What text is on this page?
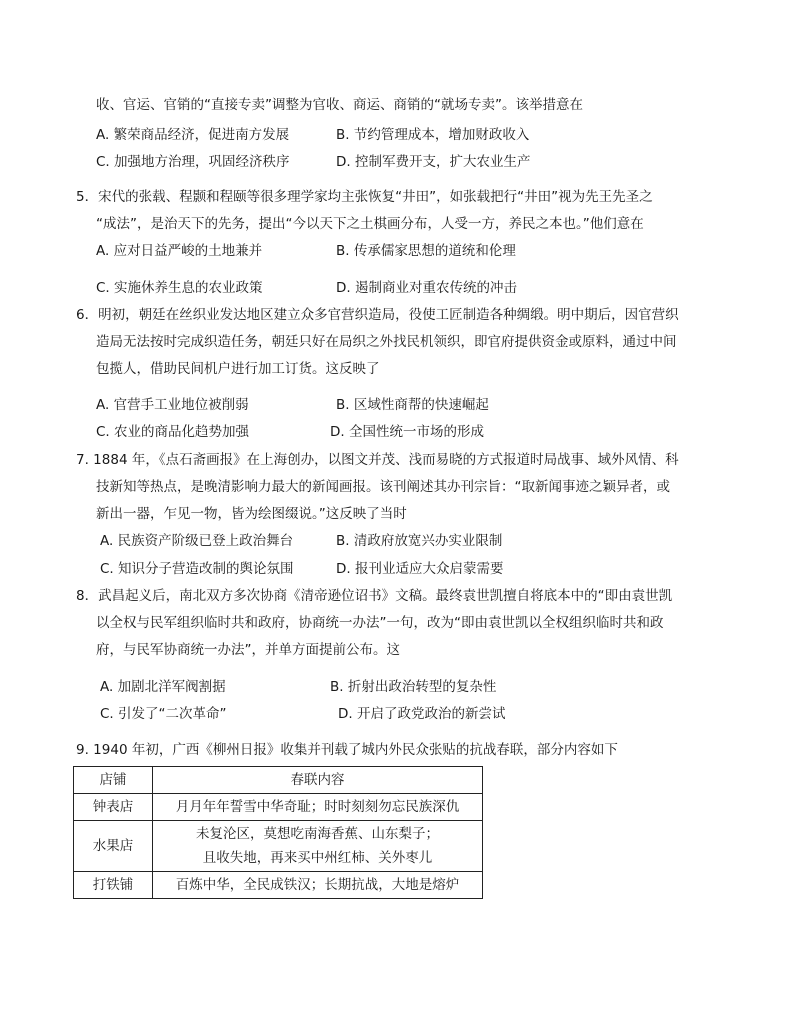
收、官运、官销的“直接专卖”调整为官收、商运、商销的“就场专卖”。该举措意在
A. 繁荣商品经济，促进南方发展	B. 节约管理成本，增加财政收入
C. 加强地方治理，巩固经济秩序	D. 控制军费开支，扩大农业生产
5．宋代的张载、程颢和程颐等很多理学家均主张恢复“井田”，如张载把行“井田”视为先王先圣之
“成法”，是治天下的先务，提出“今以天下之土棋画分布，人受一方，养民之本也。”他们意在
A. 应对日益严峻的土地兼并	B. 传承儒家思想的道统和伦理
C. 实施休养生息的农业政策	D. 遏制商业对重农传统的冲击
6．明初，朝廷在丝织业发达地区建立众多官营织造局，役使工匠制造各种绸缎。明中期后，因官营织
造局无法按时完成织造任务，朝廷只好在局织之外找民机领织，即官府提供资金或原料，通过中间
包揽人，借助民间机户进行加工订货。这反映了
A. 官营手工业地位被削弱	B. 区域性商帮的快速崛起
C. 农业的商品化趋势加强	D. 全国性统一市场的形成
7. 1884 年，《点石斋画报》在上海创办，以图文并茂、浅而易晓的方式报道时局战事、域外风情、科
技新知等热点，是晚清影响力最大的新闻画报。该刊阐述其办刊宗旨：“取新闻事迹之颖异者，或
新出一器，乍见一物，皆为绘图缀说。”这反映了当时
A. 民族资产阶级已登上政治舞台	B. 清政府放宽兴办实业限制
C. 知识分子营造改制的舆论氛围	D. 报刊业适应大众启蒙需要
8．武昌起义后，南北双方多次协商《清帝逊位诏书》文稿。最终袁世凯擅自将底本中的“即由袁世凯
以全权与民军组织临时共和政府，协商统一办法”一句，改为“即由袁世凯以全权组织临时共和政
府，与民军协商统一办法”，并单方面提前公布。这
A. 加剧北洋军阀割据	B. 折射出政治转型的复杂性
C. 引发了“二次革命”	D. 开启了政党政治的新尝试
9. 1940 年初，广西《柳州日报》收集并刊载了城内外民众张贴的抗战春联，部分内容如下
店铺	春联内容
钟表店	月月年年誓雪中华奇耻；时时刻刻勿忘民族深仇

水果店	未复沦区，莫想吃南海香蕉、山东梨子；
且收失地，再来买中州红柿、关外枣儿

打铁铺	百炼中华，全民成铁汉；长期抗战，大地是熔炉
